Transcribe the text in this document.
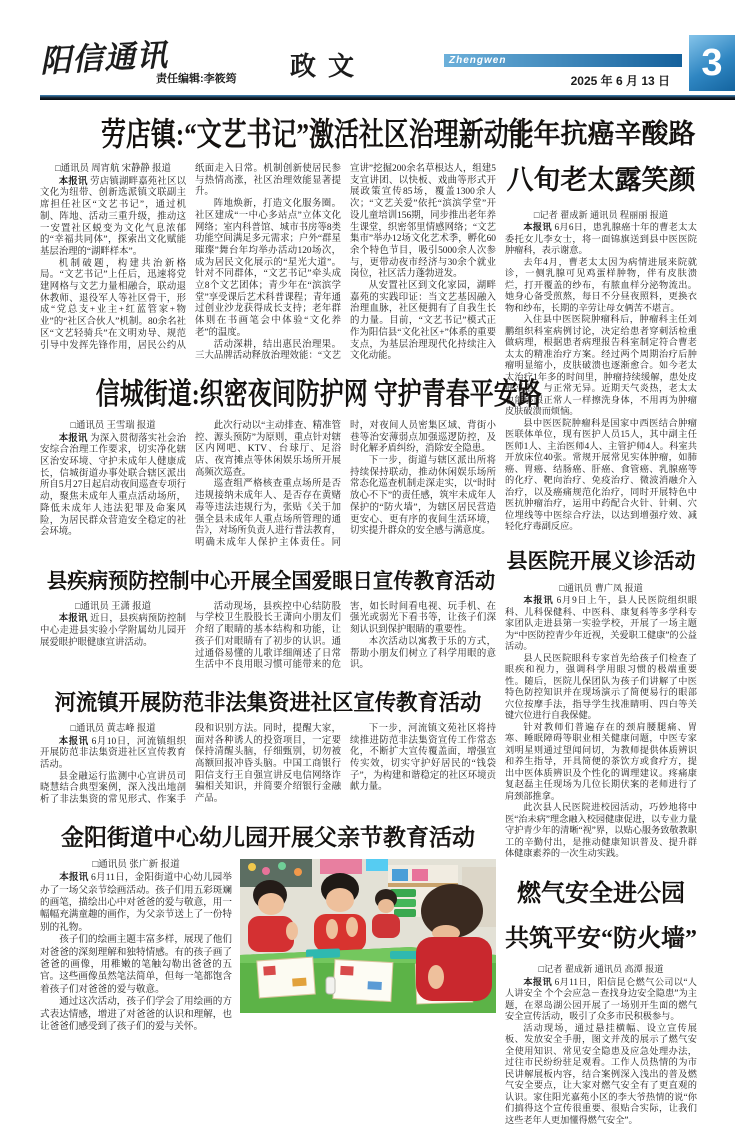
阳信通讯
责任编辑:李筱筠 政文	Zhengwen
2025 年 6 月 13 日 3
劳店镇:“文艺书记”激活社区治理新动能

□通讯员 周宵航 宋静静 报道

本报讯 劳店镇湖畔嘉苑社区以文化为纽带、创新选派镇文联副主席担任社区“文艺书记”，通过机制、阵地、活动三重升级，推动这一安置社区蜕变为文化气息浓郁的“幸福共同体”，探索出文化赋能基层治理的“湖畔样本”。

机制破题，构建共治新格局。“文艺书记”上任后，迅速将党建网格与文艺力量相融合，联动退休教师、退役军人等社区骨干，形成“党总支+业主+红蓝管家+物业”的“社区合伙人”机制。80余名社区“文艺轻骑兵”在文明劝导、规范引导中发挥先锋作用，居民公约从纸面走入日常。机制创新使居民参与热情高涨，社区治理效能显著提升。

阵地焕新，打造文化服务圈。社区建成“一中心多站点”立体文化网络；室内科普馆、城市书房等8类功能空间满足多元需求；户外“群星璀璨”舞台年均举办活动120场次，成为居民文化展示的“星光大道”。针对不同群体，“文艺书记”牵头成立8个文艺团体；青少年在“滨滨学堂”享受课后艺术科普课程；青年通过创业沙龙获得成长支持；老年群体则在书画笔会中体验“文化养老”的温度。

活动深耕，结出惠民治理果。三大品牌活动释放治理效能：“文艺宣讲”挖掘200余名草根达人，组建5支宣讲团、以快板、戏曲等形式开展政策宣传85场，覆盖1300余人次；“文艺关爱”依托“滨滨学堂”开设儿童培训156期，同步推出老年养生课堂，织密邻里情感网络；“文艺集市”举办12场文化艺术季，孵化60余个特色节目，吸引5000余人次参与，更带动夜市经济与30余个就业岗位，社区活力蓬勃迸发。

从安置社区到文化家园，湖畔嘉苑的实践印证：当文艺基因融入治理血脉，社区便拥有了自我生长的力量。目前，“文艺书记”模式正作为阳信县“文化社区+”体系的重要支点，为基层治理现代化持续注入文化动能。

信城街道:织密夜间防护网 守护青春平安路

□通讯员 王雪瑞 报道

本报讯 为深入贯彻落实社会治安综合治理工作要求，切实净化辖区治安环境、守护未成年人健康成长，信城街道办事处联合辖区派出所自5月27日起启动夜间巡查专项行动，聚焦未成年人重点活动场所，降低未成年人违法犯罪及命案风险，为居民群众营造安全稳定的社会环境。

此次行动以“主动排查、精准管控、源头预防”为原则，重点针对辖区内网吧、KTV、台球厅、足浴店、夜宵摊点等休闲娱乐场所开展高频次巡查。

巡查组严格核查重点场所是否违规接纳未成年人、是否存在黄赌毒等违法违规行为，张贴《关于加强全县未成年人重点场所管理的通告》，对场所负责人进行普法教育，明确未成年人保护主体责任。同时，对夜间人员密集区域、背街小巷等治安薄弱点加强巡逻防控，及时化解矛盾纠纷，消除安全隐患。

下一步，街道与辖区派出所将持续保持联动，推动休闲娱乐场所常态化巡查机制走深走实，以“时时放心不下”的责任感，筑牢未成年人保护的“防火墙”，为辖区居民营造更安心、更有序的夜间生活环境，切实提升群众的安全感与满意度。

县疾病预防控制中心开展全国爱眼日宣传教育活动

□通讯员 王潇 报道

本报讯 近日，县疾病预防控制中心走进县实验小学附属幼儿园开展爱眼护眼健康宣讲活动。

活动现场，县疾控中心结防股与学校卫生股股长王潇向小朋友们介绍了眼睛的基本结构和功能，让孩子们对眼睛有了初步的认识。通过通俗易懂的儿歌详细阐述了日常生活中不良用眼习惯可能带来的危害，如长时间看电视、玩手机、在强光或弱光下看书等，让孩子们深刻认识到保护眼睛的重要性。

本次活动以寓教于乐的方式，帮助小朋友们树立了科学用眼的意识。

河流镇开展防范非法集资进社区宣传教育活动

□通讯员 黄志峰 报道

本报讯 6月10日，河流镇组织开展防范非法集资进社区宣传教育活动。

县金融运行监测中心宣讲员司晓慧结合典型案例，深入浅出地剖析了非法集资的常见形式、作案手段和识别方法。同时，提醒大家，面对各种诱人的投资项目，一定要保持清醒头脑，仔细甄别，切勿被高额回报冲昏头脑。中国工商银行阳信支行王自强宣讲反电信网络诈骗相关知识，并简要介绍银行金融产品。

下一步，河流镇文苑社区将持续推进防范非法集资宣传工作常态化，不断扩大宣传覆盖面，增强宣传实效，切实守护好居民的“钱袋子”，为构建和谐稳定的社区环境贡献力量。

金阳街道中心幼儿园开展父亲节教育活动

□通讯员 张广新 报道

本报讯 6月11日，金阳街道中心幼儿园举办了一场父亲节绘画活动。孩子们用五彩斑斓的画笔，描绘出心中对爸爸的爱与敬意，用一幅幅充满童趣的画作，为父亲节送上了一份特别的礼物。

孩子们的绘画主题丰富多样，展现了他们对爸爸的深刻理解和独特情感。有的孩子画了爸爸的画像，用稚嫩的笔触勾勒出爸爸的五官。这些画像虽然笔法简单，但每一笔都饱含着孩子们对爸爸的爱与敬意。

通过这次活动，孩子们学会了用绘画的方式表达情感，增进了对爸爸的认识和理解，也让爸爸们感受到了孩子们的爱与关怀。

十年抗癌辛酸路
八旬老太露笑颜

□记者 翟成新 通讯员 程丽丽 报道

本报讯 6月6日，患乳腺癌十年的曹老太太委托女儿李女士，将一面锦旗送到县中医医院肿瘤科，表示谢意。

去年4月，曹老太太因为病情进展来院就诊，一侧乳腺可见鸡蛋样肿物，伴有皮肤溃烂，打开覆盖的纱布，有脓血样分泌物流出。她身心备受煎熬，每日不分昼夜照料，更换衣物和纱布，长期的辛劳让母女俩苦不堪言。

入住县中医医院肿瘤科后，肿瘤科主任刘鹏组织科室病例讨论，决定给患者穿刺活检重做病理，根据患者病理报告科室制定符合曹老太太的精准治疗方案。经过两个周期治疗后肿瘤明显缩小，皮肤破溃也逐渐愈合。如今老太太治疗1年多的时间里，肿瘤持续缓解，患处皮肤平整，与正常无异。近期天气炎热，老太太也能够跟正常人一样擦洗身体，不用再为肿瘤皮肤破溃而烦恼。

县中医医院肿瘤科是国家中西医结合肿瘤医联体单位，现有医护人员15人，其中副主任医师1人、主治医师4人、主管护师4人。科室共开放床位40张。常规开展常见实体肿瘤，如肺癌、胃癌、结肠癌、肝癌、食管癌、乳腺癌等的化疗、靶向治疗、免疫治疗、微波消融介入治疗，以及癌痛规范化治疗，同时开展特色中医抗肿瘤治疗，运用中药配合火针、针刺、穴位埋线等中医综合疗法，以达到增强疗效、减轻化疗毒副反应。

县医院开展义诊活动

□通讯员 曹广凤 报道

本报讯 6月9日上午，县人民医院组织眼科、儿科保健科、中医科、康复科等多学科专家团队走进县第一实验学校，开展了一场主题为“中医防控青少年近视，关爱职工健康”的公益活动。

县人民医院眼科专家首先给孩子们检查了眼疾和视力，强调科学用眼习惯的极端重要性。随后，医院儿保团队为孩子们讲解了中医特色防控知识并在现场演示了简便易行的眼部穴位按摩手法，指导学生找准睛明、四白等关键穴位进行自我保健。

针对教师们普遍存在的颈肩腰腿痛、胃寒、睡眠障碍等职业相关健康问题，中医专家刘明星则通过望闻问切，为教师提供体质辨识和养生指导，开具简便的茶饮方或食疗方，提出中医体质辨识及个性化的调理建议。疼痛康复赵磊主任现场为几位长期伏案的老师进行了肩颈部推拿。

此次县人民医院进校园活动，巧妙地将中医“治未病”理念融入校园健康促进，以专业力量守护青少年的清晰“视”界，以贴心服务致敬教职工的辛勤付出，是推动健康知识普及、提升群体健康素养的一次生动实践。

燃气安全进公园
共筑平安“防火墙”

□记者 翟成新 通讯员 高潭 报道

本报讯 6月11日，阳信昆仑燃气公司以“人人讲安全 个个会应急－查找身边安全隐患”为主题，在翠岛湖公园开展了一场别开生面的燃气安全宣传活动，吸引了众多市民积极参与。

活动现场，通过悬挂横幅、设立宣传展板、发放安全手册，图文并茂的展示了燃气安全使用知识、常见安全隐患及应急处理办法，过往市民纷纷驻足观看。工作人员热情的为市民讲解展板内容，结合案例深入浅出的普及燃气安全要点，让大家对燃气安全有了更直观的认识。家住阳光嘉苑小区的李大爷热情的说“你们搞得这个宣传很重要、很贴合实际，让我们这些老年人更加懂得燃气安全”。
